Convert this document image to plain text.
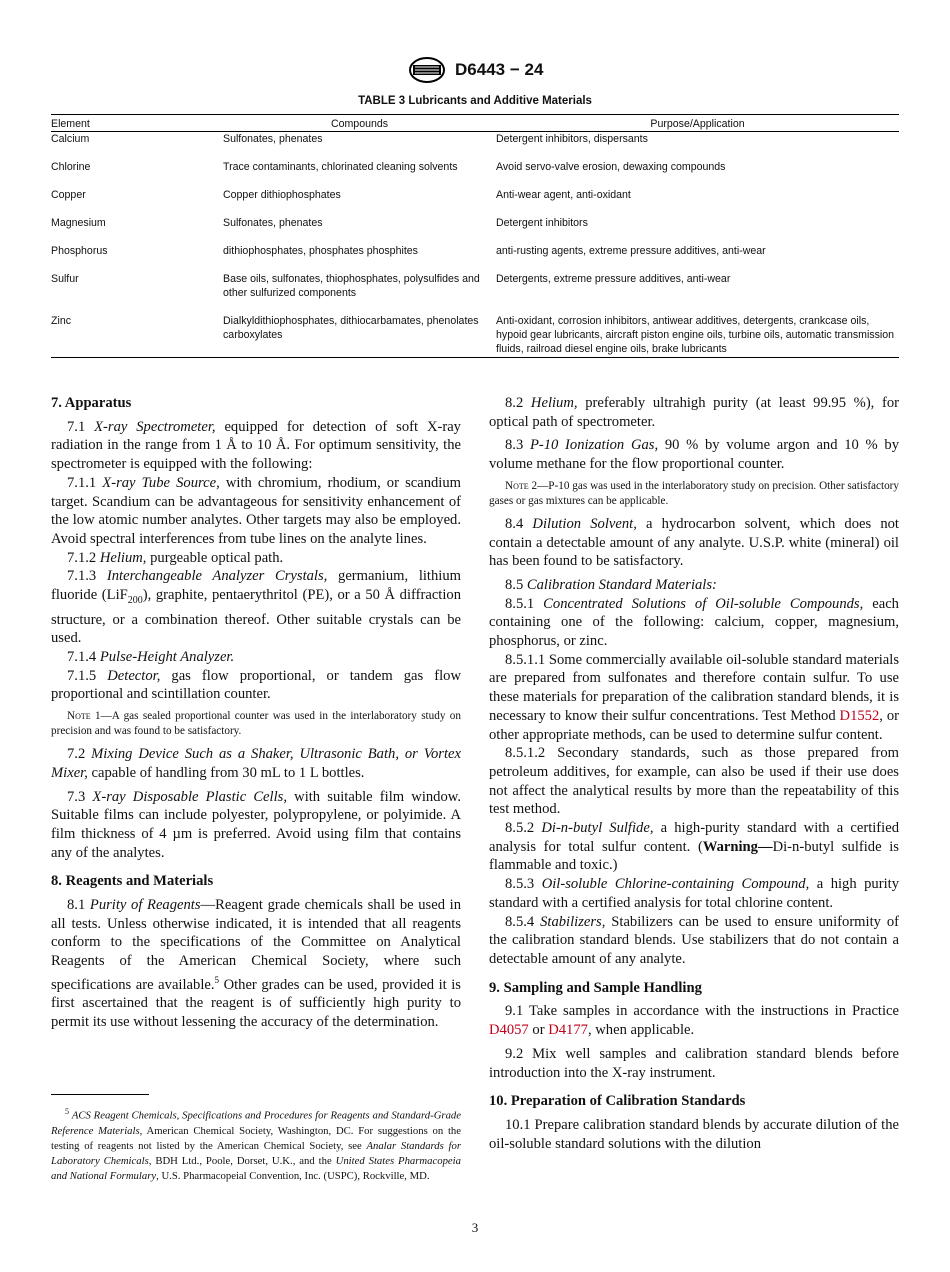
D6443 − 24
TABLE 3 Lubricants and Additive Materials
Element	Compounds	Purpose/Application
Calcium	Sulfonates, phenates	Detergent inhibitors, dispersants
Chlorine	Trace contaminants, chlorinated cleaning solvents	Avoid servo-valve erosion, dewaxing compounds
Copper	Copper dithiophosphates	Anti-wear agent, anti-oxidant
Magnesium	Sulfonates, phenates	Detergent inhibitors
Phosphorus	dithiophosphates, phosphates phosphites	anti-rusting agents, extreme pressure additives, anti-wear
Sulfur	Base oils, sulfonates, thiophosphates, polysulfides and other sulfurized components	Detergents, extreme pressure additives, anti-wear
Zinc	Dialkyldithiophosphates, dithiocarbamates, phenolates carboxylates	Anti-oxidant, corrosion inhibitors, antiwear additives, detergents, crankcase oils, hypoid gear lubricants, aircraft piston engine oils, turbine oils, automatic transmission fluids, railroad diesel engine oils, brake lubricants
7. Apparatus

7.1 X-ray Spectrometer, equipped for detection of soft X-ray radiation in the range from 1 Å to 10 Å. For optimum sensitivity, the spectrometer is equipped with the following:

7.1.1 X-ray Tube Source, with chromium, rhodium, or scandium target. Scandium can be advantageous for sensitivity enhancement of the low atomic number analytes. Other targets may also be employed. Avoid spectral interferences from tube lines on the analyte lines.

7.1.2 Helium, purgeable optical path.

7.1.3 Interchangeable Analyzer Crystals, germanium, lithium fluoride (LiF$_{200}$), graphite, pentaerythritol (PE), or a 50 Å diffraction structure, or a combination thereof. Other suitable crystals can be used.

7.1.4 Pulse-Height Analyzer.

7.1.5 Detector, gas flow proportional, or tandem gas flow proportional and scintillation counter.

Note 1—A gas sealed proportional counter was used in the interlaboratory study on precision and was found to be satisfactory.

7.2 Mixing Device Such as a Shaker, Ultrasonic Bath, or Vortex Mixer, capable of handling from 30 mL to 1 L bottles.

7.3 X-ray Disposable Plastic Cells, with suitable film window. Suitable films can include polyester, polypropylene, or polyimide. A film thickness of 4 µm is preferred. Avoid using film that contains any of the analytes.

8. Reagents and Materials

8.1 Purity of Reagents—Reagent grade chemicals shall be used in all tests. Unless otherwise indicated, it is intended that all reagents conform to the specifications of the Committee on Analytical Reagents of the American Chemical Society, where such specifications are available.$^5$ Other grades can be used, provided it is first ascertained that the reagent is of sufficiently high purity to permit its use without lessening the accuracy of the determination.

$^5$ ACS Reagent Chemicals, Specifications and Procedures for Reagents and Standard-Grade Reference Materials, American Chemical Society, Washington, DC. For suggestions on the testing of reagents not listed by the American Chemical Society, see Analar Standards for Laboratory Chemicals, BDH Ltd., Poole, Dorset, U.K., and the United States Pharmacopeia and National Formulary, U.S. Pharmacopeial Convention, Inc. (USPC), Rockville, MD.

8.2 Helium, preferably ultrahigh purity (at least 99.95 %), for optical path of spectrometer.

8.3 P-10 Ionization Gas, 90 % by volume argon and 10 % by volume methane for the flow proportional counter.

Note 2—P-10 gas was used in the interlaboratory study on precision. Other satisfactory gases or gas mixtures can be applicable.

8.4 Dilution Solvent, a hydrocarbon solvent, which does not contain a detectable amount of any analyte. U.S.P. white (mineral) oil has been found to be satisfactory.

8.5 Calibration Standard Materials:

8.5.1 Concentrated Solutions of Oil-soluble Compounds, each containing one of the following: calcium, copper, magnesium, phosphorus, or zinc.

8.5.1.1 Some commercially available oil-soluble standard materials are prepared from sulfonates and therefore contain sulfur. To use these materials for preparation of the calibration standard blends, it is necessary to know their sulfur concentrations. Test Method D1552, or other appropriate methods, can be used to determine sulfur content.

8.5.1.2 Secondary standards, such as those prepared from petroleum additives, for example, can also be used if their use does not affect the analytical results by more than the repeatability of this test method.

8.5.2 Di-n-butyl Sulfide, a high-purity standard with a certified analysis for total sulfur content. (Warning—Di-n-butyl sulfide is flammable and toxic.)

8.5.3 Oil-soluble Chlorine-containing Compound, a high purity standard with a certified analysis for total chlorine content.

8.5.4 Stabilizers, Stabilizers can be used to ensure uniformity of the calibration standard blends. Use stabilizers that do not contain a detectable amount of any analyte.

9. Sampling and Sample Handling

9.1 Take samples in accordance with the instructions in Practice D4057 or D4177, when applicable.

9.2 Mix well samples and calibration standard blends before introduction into the X-ray instrument.

10. Preparation of Calibration Standards

10.1 Prepare calibration standard blends by accurate dilution of the oil-soluble standard solutions with the dilution

3
